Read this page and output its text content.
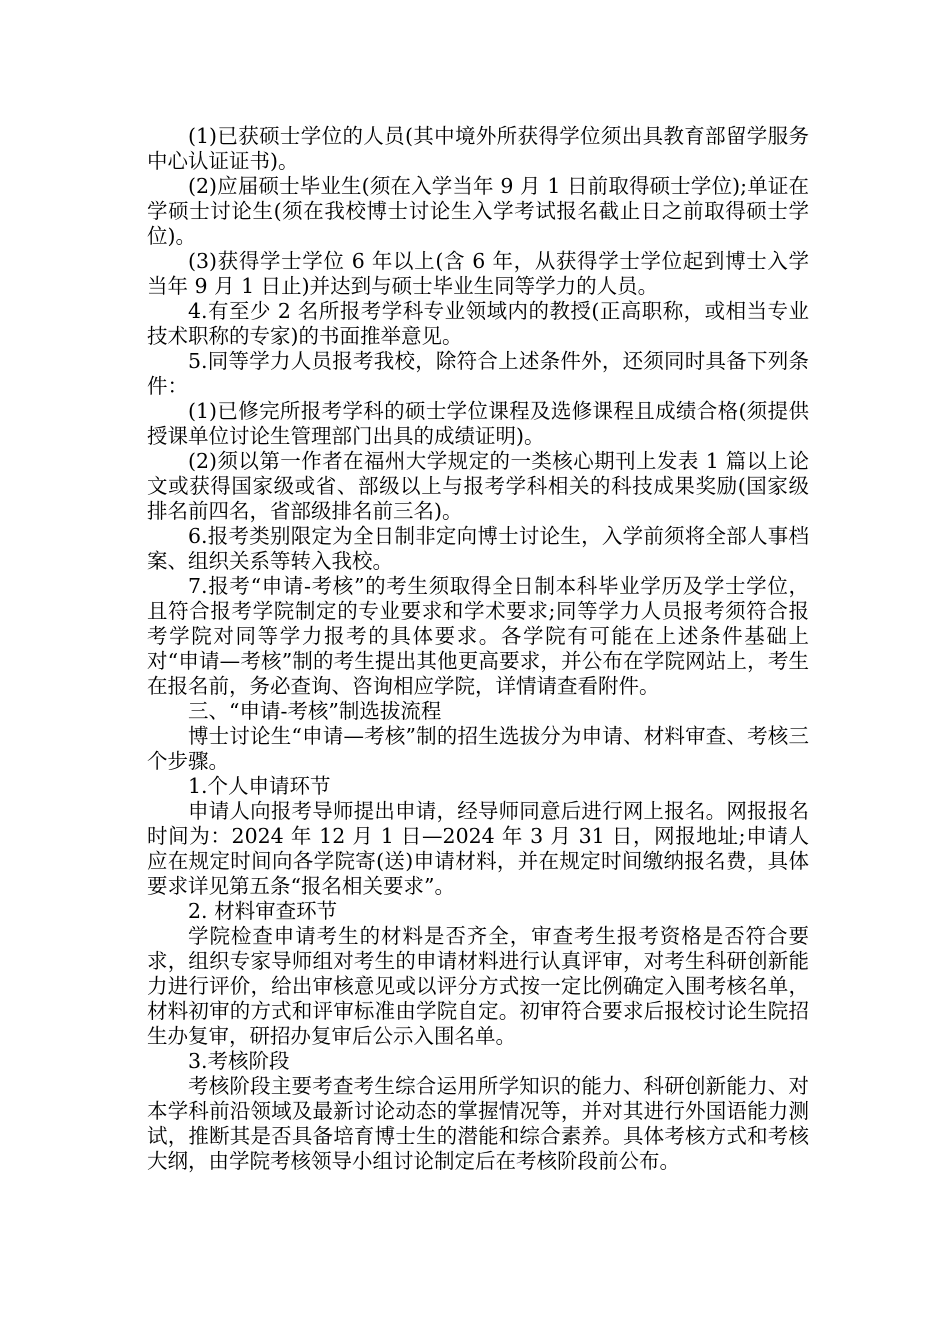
(1)已获硕士学位的人员(其中境外所获得学位须出具教育部留学服务中心认证证书)。

(2)应届硕士毕业生(须在入学当年 9 月 1 日前取得硕士学位);单证在学硕士讨论生(须在我校博士讨论生入学考试报名截止日之前取得硕士学位)。

(3)获得学士学位 6 年以上(含 6 年，从获得学士学位起到博士入学当年 9 月 1 日止)并达到与硕士毕业生同等学力的人员。

4.有至少 2 名所报考学科专业领域内的教授(正高职称，或相当专业技术职称的专家)的书面推举意见。

5.同等学力人员报考我校，除符合上述条件外，还须同时具备下列条件：

(1)已修完所报考学科的硕士学位课程及选修课程且成绩合格(须提供授课单位讨论生管理部门出具的成绩证明)。

(2)须以第一作者在福州大学规定的一类核心期刊上发表 1 篇以上论文或获得国家级或省、部级以上与报考学科相关的科技成果奖励(国家级排名前四名，省部级排名前三名)。

6.报考类别限定为全日制非定向博士讨论生，入学前须将全部人事档案、组织关系等转入我校。

7.报考“申请-考核”的考生须取得全日制本科毕业学历及学士学位，且符合报考学院制定的专业要求和学术要求;同等学力人员报考须符合报考学院对同等学力报考的具体要求。各学院有可能在上述条件基础上对“申请—考核”制的考生提出其他更高要求，并公布在学院网站上，考生在报名前，务必查询、咨询相应学院，详情请查看附件。

三、“申请-考核”制选拔流程

博士讨论生“申请—考核”制的招生选拔分为申请、材料审查、考核三个步骤。

1.个人申请环节

申请人向报考导师提出申请，经导师同意后进行网上报名。网报报名时间为：2024 年 12 月 1 日—2024 年 3 月 31 日，网报地址;申请人应在规定时间向各学院寄(送)申请材料，并在规定时间缴纳报名费，具体要求详见第五条“报名相关要求”。

2. 材料审查环节

学院检查申请考生的材料是否齐全，审查考生报考资格是否符合要求，组织专家导师组对考生的申请材料进行认真评审，对考生科研创新能力进行评价，给出审核意见或以评分方式按一定比例确定入围考核名单，材料初审的方式和评审标准由学院自定。初审符合要求后报校讨论生院招生办复审，研招办复审后公示入围名单。

3.考核阶段

考核阶段主要考查考生综合运用所学知识的能力、科研创新能力、对本学科前沿领域及最新讨论动态的掌握情况等，并对其进行外国语能力测试，推断其是否具备培育博士生的潜能和综合素养。具体考核方式和考核大纲，由学院考核领导小组讨论制定后在考核阶段前公布。
